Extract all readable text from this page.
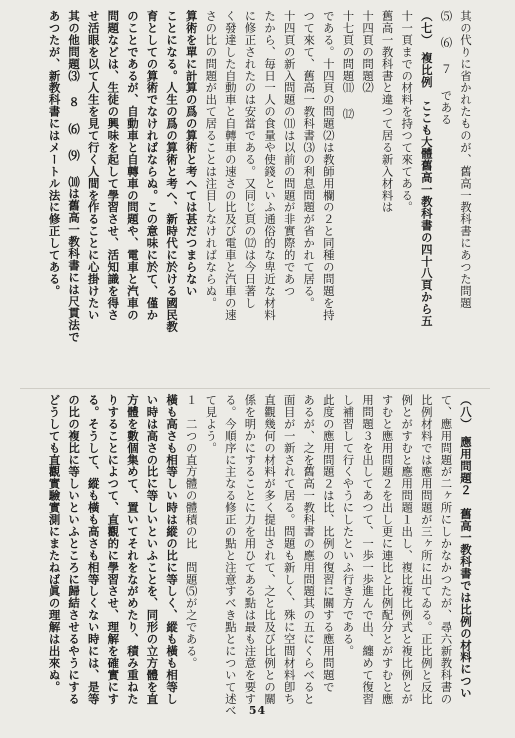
其の代りに省かれたものが、舊高一教科書にあつた問題
⑸ ⑹ ７ である
（七）　複比例　ここも大體舊高一教科書の四十八頁から五
十一頁までの材料を持つて來てある。
舊高一教科書と違つて居る新入材料は
十四頁の問題⑵
十七頁の問題⑾ ⑿
である。十四頁の問題⑵は教師用欄の２と同種の問題を持
つて來て、舊高一教科書⑶の利息問題が省かれて居る。
十四頁の新入問題の⑾は以前の問題が非實際的であつ
たから、毎日一人の食量や使錢といふ通俗的な卑近な材料
に修正されたのは安當である。又同じ頁の⑿は今日著し
く發達した自動車と自轉車の速さの比及び電車と汽車の速
さの比の問題が出て居ることは注目しなければならぬ。
算術を單に計算の爲の算術と考へては甚だつまらない
ことになる。人生の爲の算術と考へ、新時代に於ける國民教
育としての算術でなければならぬ。この意味に於て、僅か
のことであるが、自動車と自轉車の問題や、電車と汽車の
問題などは、生徒の興味を起して學習させ、活知識を得さ
せ活眼を以て人生を見て行く人間を作ることに心掛けたい
其の他問題⑶ ８ ⑹ ⑼ ⑽は舊高一教科書には尺貫法で
あつたが、新教科書にはメートル法に修正してある。
（八）　應用問題２　舊高一教科書では比例の材料につい
て、應用問題が二ヶ所にしかなかつたが、尋六新教科書の
比例材料では應用問題が三ヶ所に出てゐる。正比例と反比
例とがすむと應用問題１出し、複比複比例式と複比例とが
すむと應用問題２を出し更に連比と比例配分とがすむと應
用問題３を出してあつて、一歩一歩進んで出、纏めて復習
し補習して行くやうにしたといふ行き方である。
此度の應用問題２は比、比例の復習に關する應用問題で
あるが、之を舊高一教科書の應用問題其の五にくらべると
面目が一新されて居る。問題も新しく、殊に空間材料卽ち
直觀幾何の材料が多く提出されて、之と比及び比例との關
係を明かにすることに力を用ひてある點は最も注意を要す
る。今順序に主なる修正の點と注意すべき點とについて述べ
て見よう。
１　二つの直方體の體積の比　問題⑸が之である。
橫も高さも相等しい時は縱の比に等しく、縱も橫も相等し
い時は高さの比に等しいといふことを、同形の立方體を直
方體を數個集めて、置いてそれをながめたり、積み重ねた
りすることによつて、直觀的に學習させ、理解を確實にす
る。そうして、縱も橫も高さも相等しくない時には、是等
の比の複比に等しいといふところに歸結させるやうにする
どうしても直觀實驗實測にまたねば眞の理解は出來ぬ。
54
